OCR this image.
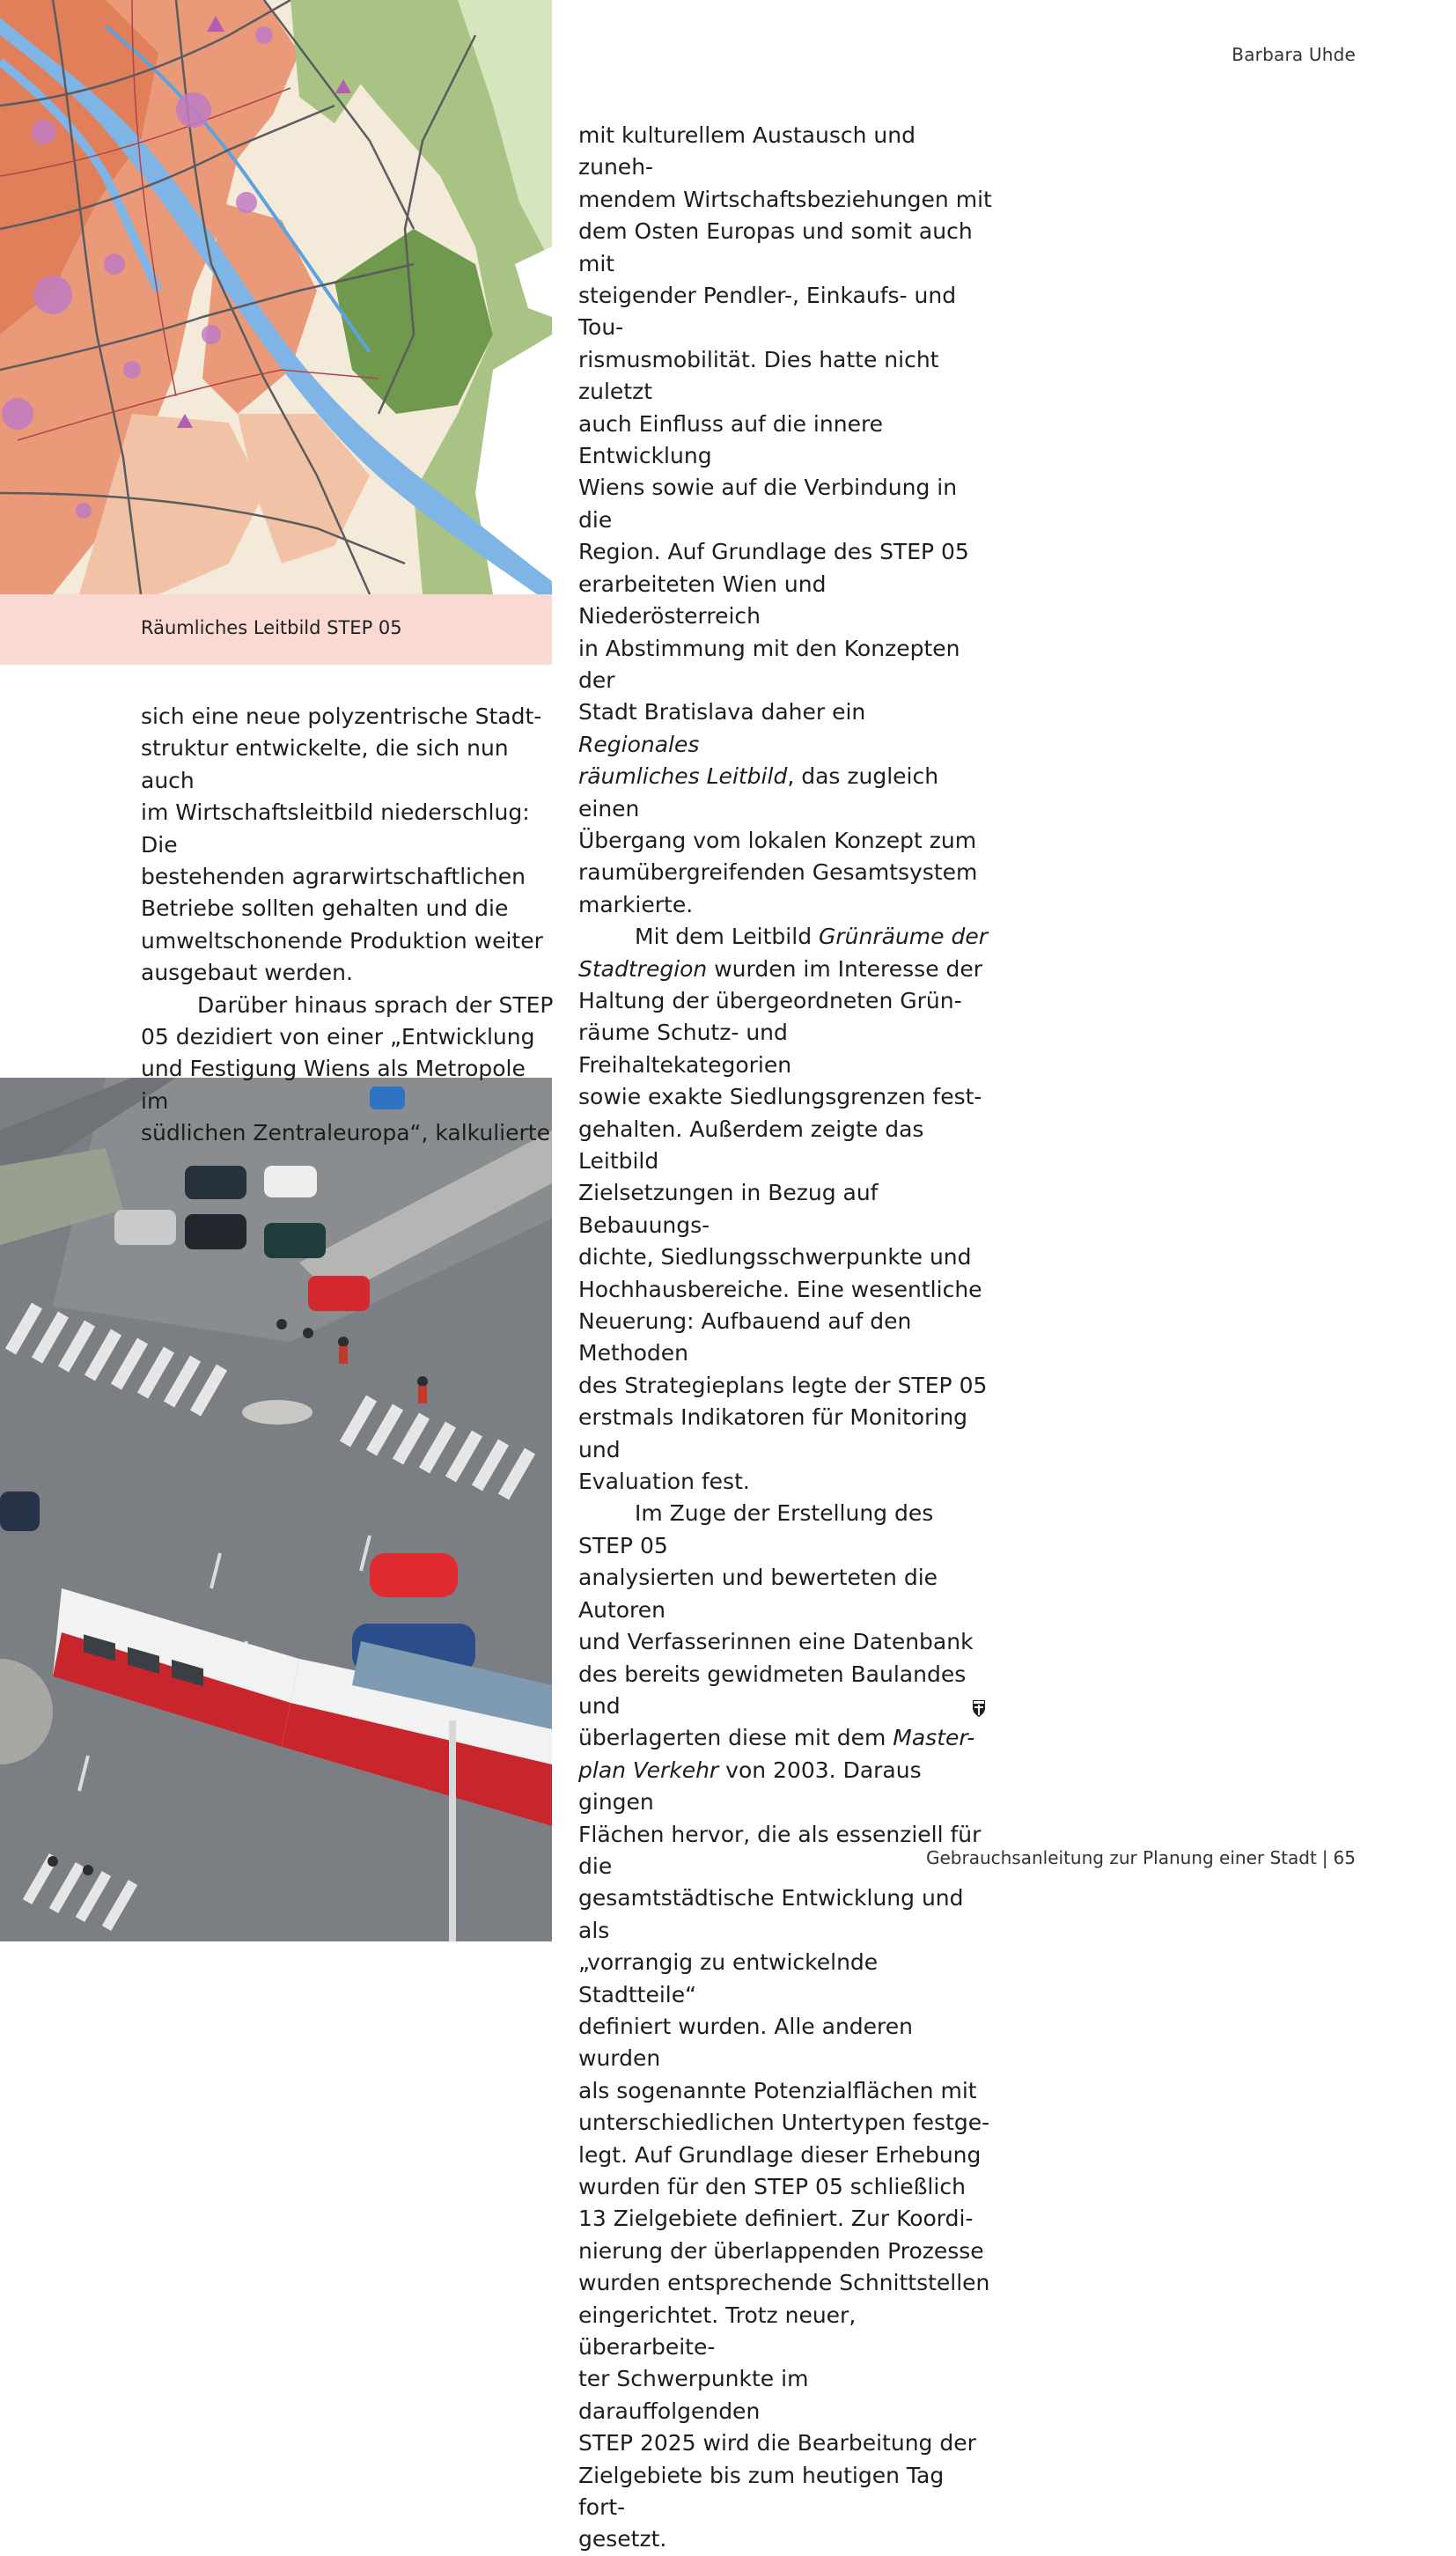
Barbara Uhde
Räumliches Leitbild STEP 05

sich eine neue polyzentrische Stadt-
struktur entwickelte, die sich nun auch
im Wirtschaftsleitbild niederschlug: Die
bestehenden agrarwirtschaftlichen
Betriebe sollten gehalten und die
umweltschonende Produktion weiter
ausgebaut werden.

Darüber hinaus sprach der STEP
05 dezidiert von einer „Entwicklung
und Festigung Wiens als Metropole im
südlichen Zentraleuropa“, kalkulierte

mit kulturellem Austausch und zuneh-
mendem Wirtschaftsbeziehungen mit
dem Osten Europas und somit auch mit
steigender Pendler-, Einkaufs- und Tou-
rismusmobilität. Dies hatte nicht zuletzt
auch Einfluss auf die innere Entwicklung
Wiens sowie auf die Verbindung in die
Region. Auf Grundlage des STEP 05
erarbeiteten Wien und Niederösterreich
in Abstimmung mit den Konzepten der
Stadt Bratislava daher ein Regionales
räumliches Leitbild, das zugleich einen
Übergang vom lokalen Konzept zum
raumübergreifenden Gesamtsystem
markierte.

Mit dem Leitbild Grünräume der
Stadtregion wurden im Interesse der
Haltung der übergeordneten Grün-
räume Schutz- und Freihaltekategorien
sowie exakte Siedlungsgrenzen fest-
gehalten. Außerdem zeigte das Leitbild
Zielsetzungen in Bezug auf Bebauungs-
dichte, Siedlungsschwerpunkte und
Hochhausbereiche. Eine wesentliche
Neuerung: Aufbauend auf den Methoden
des Strategieplans legte der STEP 05
erstmals Indikatoren für Monitoring und
Evaluation fest.

Im Zuge der Erstellung des STEP 05
analysierten und bewerteten die Autoren
und Verfasserinnen eine Datenbank
des bereits gewidmeten Baulandes und
überlagerten diese mit dem Master-
plan Verkehr von 2003. Daraus gingen
Flächen hervor, die als essenziell für die
gesamtstädtische Entwicklung und als
„vorrangig zu entwickelnde Stadtteile“
definiert wurden. Alle anderen wurden
als sogenannte Potenzialflächen mit
unterschiedlichen Untertypen festge-
legt. Auf Grundlage dieser Erhebung
wurden für den STEP 05 schließlich
13 Zielgebiete definiert. Zur Koordi-
nierung der überlappenden Prozesse
wurden entsprechende Schnittstellen
eingerichtet. Trotz neuer, überarbeite-
ter Schwerpunkte im darauffolgenden
STEP 2025 wird die Bearbeitung der
Zielgebiete bis zum heutigen Tag fort-
gesetzt.

Gebrauchsanleitung zur Planung einer Stadt | 65
